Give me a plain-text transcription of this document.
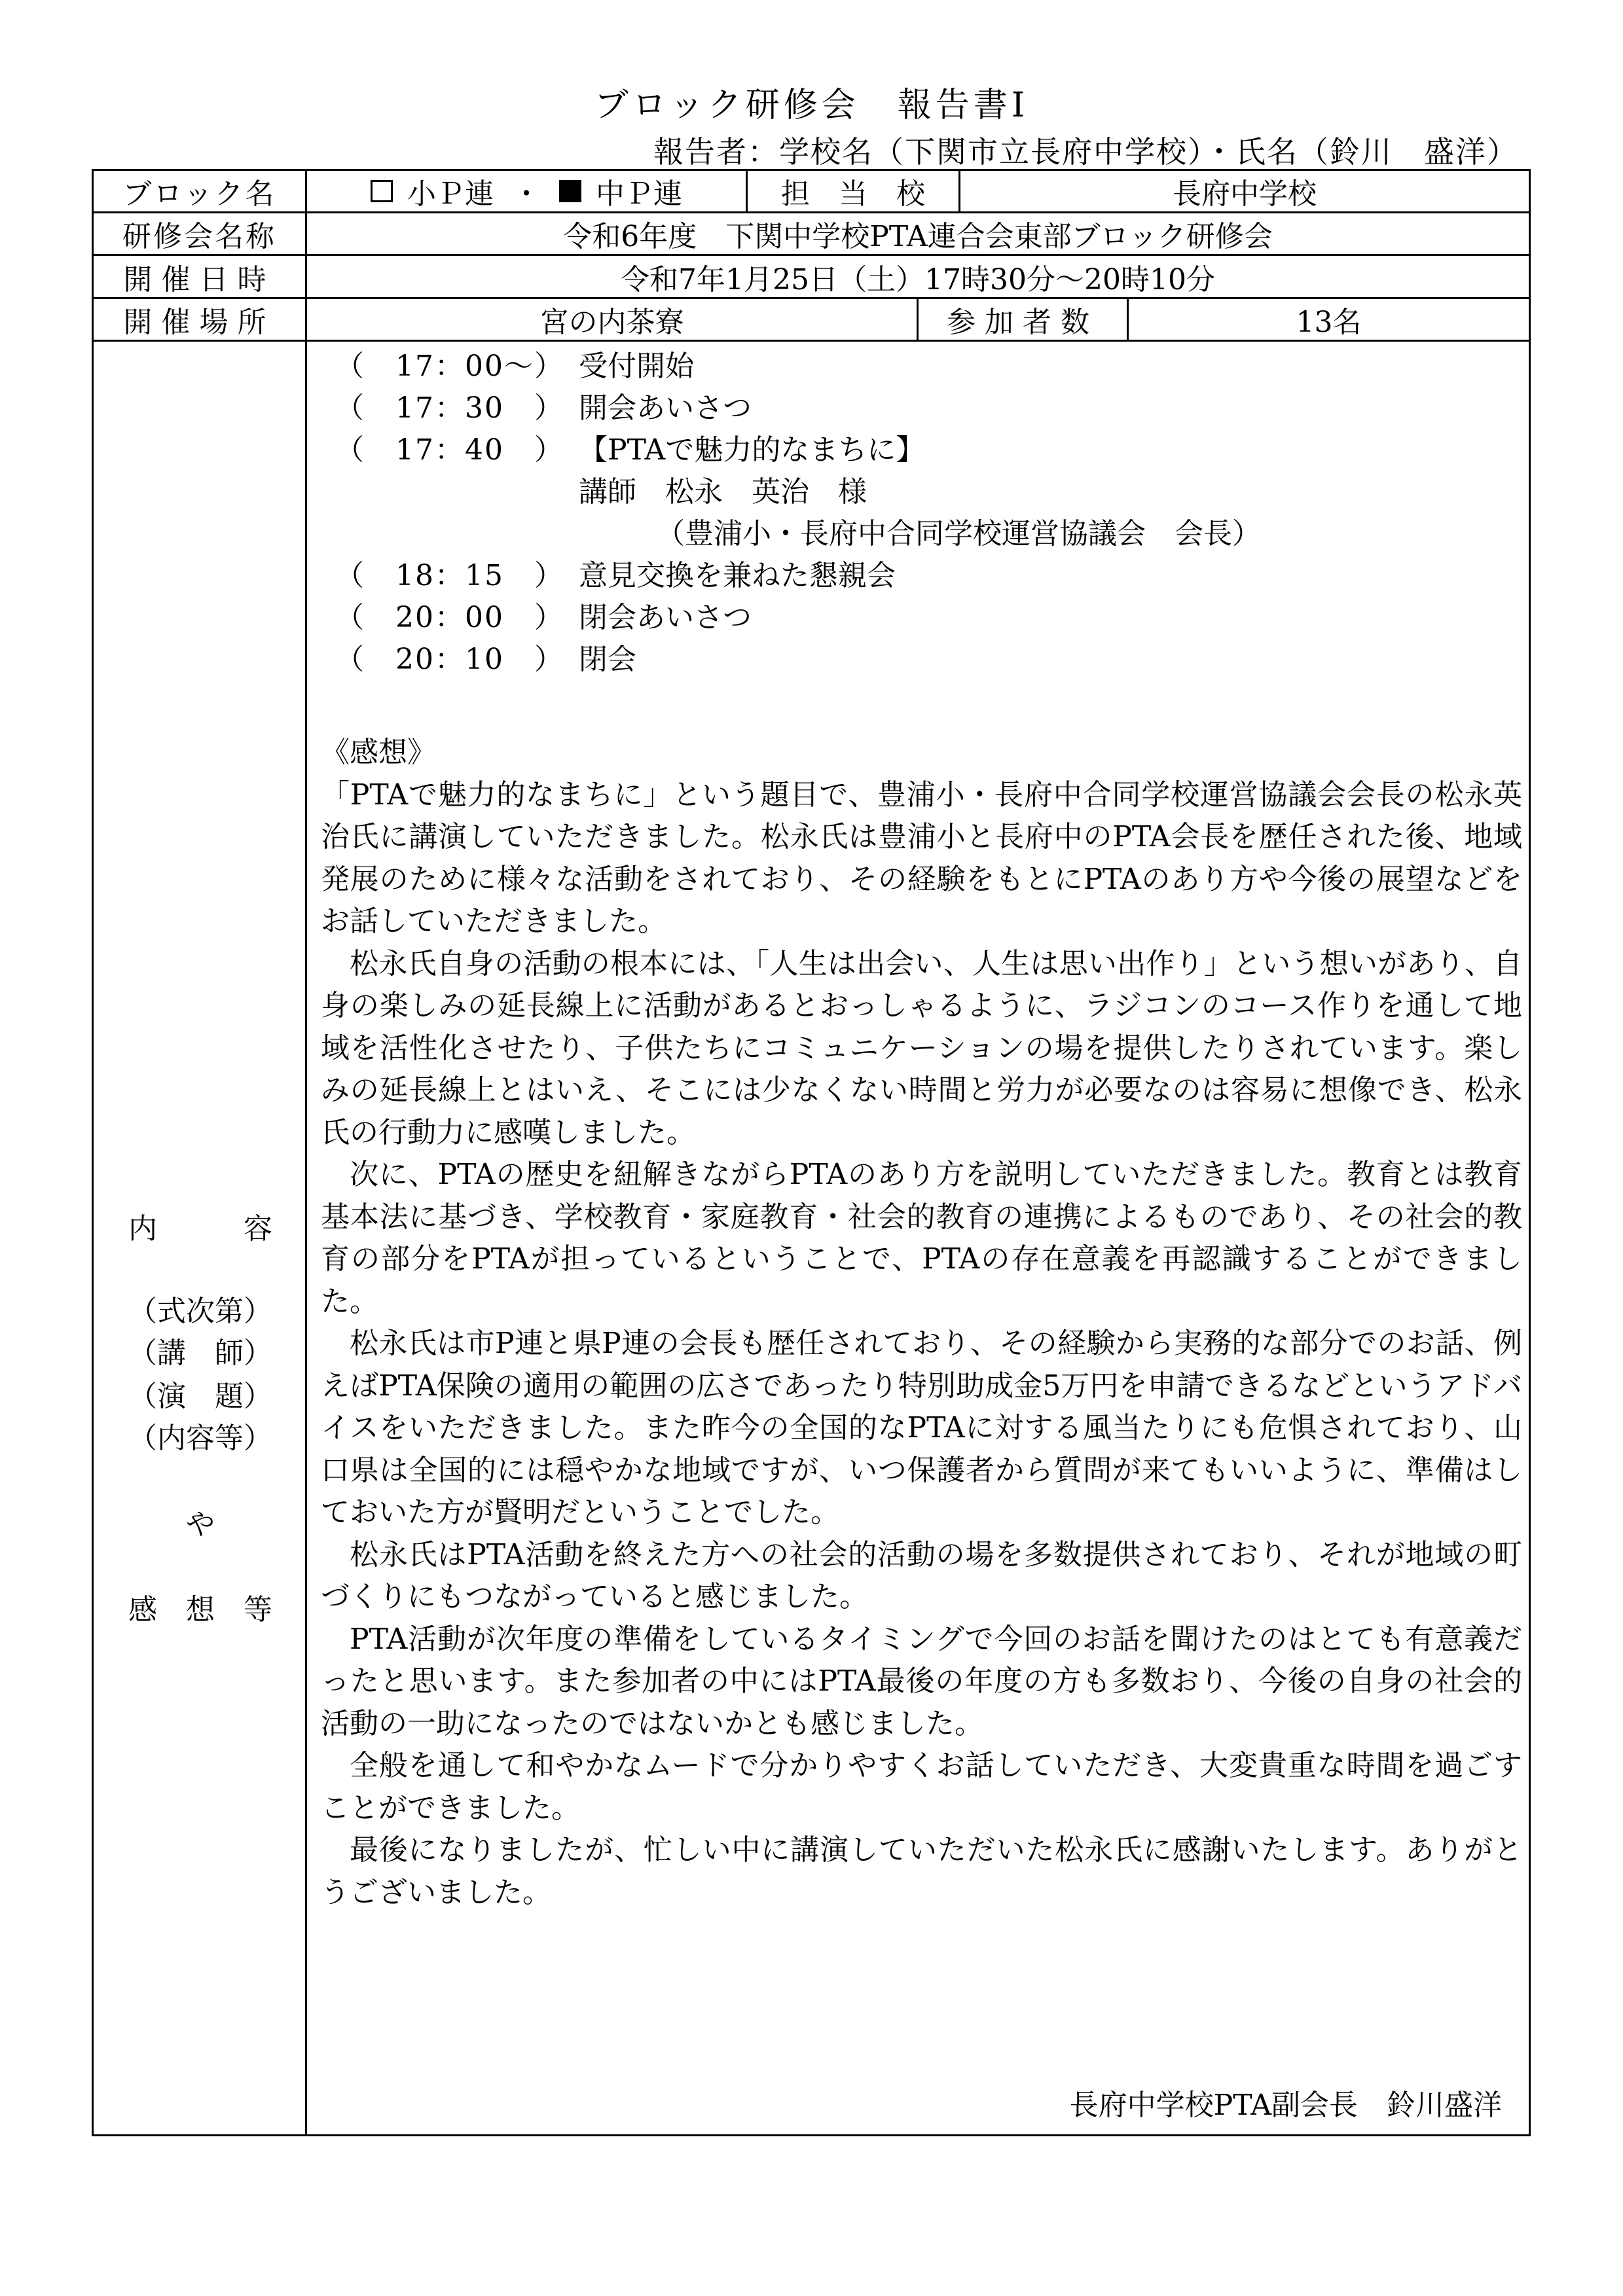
ブロック研修会　報告書Ⅰ
報告者：学校名（下関市立長府中学校）・氏名（鈴川　盛洋）
ブロック名	小Ｐ連 ・ 中Ｐ連	担　当　校	長府中学校
研修会名称	令和6年度　下関中学校PTA連合会東部ブロック研修会
開催日時	令和7年1月25日（土）17時30分～20時10分
開催場所	宮の内茶寮	参加者数	13名
内　　　容
（式次第）
（講　師）
（演　題）
（内容等）
や
感　想　等
（　17：00～） 受付開始
（　17：30　） 開会あいさつ
（　17：40　） 【PTAで魅力的なまちに】
講師　松永　英治　様
（豊浦小・長府中合同学校運営協議会　会長）
（　18：15　） 意見交換を兼ねた懇親会
（　20：00　） 閉会あいさつ
（　20：10　） 閉会
《感想》

「PTAで魅力的なまちに」という題目で、豊浦小・長府中合同学校運営協議会会長の松永英治氏に講演していただきました。松永氏は豊浦小と長府中のPTA会長を歴任された後、地域発展のために様々な活動をされており、その経験をもとにPTAのあり方や今後の展望などをお話していただきました。

松永氏自身の活動の根本には、「人生は出会い、人生は思い出作り」という想いがあり、自身の楽しみの延長線上に活動があるとおっしゃるように、ラジコンのコース作りを通して地域を活性化させたり、子供たちにコミュニケーションの場を提供したりされています。楽しみの延長線上とはいえ、そこには少なくない時間と労力が必要なのは容易に想像でき、松永氏の行動力に感嘆しました。

次に、PTAの歴史を紐解きながらPTAのあり方を説明していただきました。教育とは教育基本法に基づき、学校教育・家庭教育・社会的教育の連携によるものであり、その社会的教育の部分をPTAが担っているということで、PTAの存在意義を再認識することができました。

松永氏は市P連と県P連の会長も歴任されており、その経験から実務的な部分でのお話、例えばPTA保険の適用の範囲の広さであったり特別助成金5万円を申請できるなどというアドバイスをいただきました。また昨今の全国的なPTAに対する風当たりにも危惧されており、山口県は全国的には穏やかな地域ですが、いつ保護者から質問が来てもいいように、準備はしておいた方が賢明だということでした。

松永氏はPTA活動を終えた方への社会的活動の場を多数提供されており、それが地域の町づくりにもつながっていると感じました。

PTA活動が次年度の準備をしているタイミングで今回のお話を聞けたのはとても有意義だったと思います。また参加者の中にはPTA最後の年度の方も多数おり、今後の自身の社会的活動の一助になったのではないかとも感じました。

全般を通して和やかなムードで分かりやすくお話していただき、大変貴重な時間を過ごすことができました。

最後になりましたが、忙しい中に講演していただいた松永氏に感謝いたします。ありがとうございました。

長府中学校PTA副会長　鈴川盛洋
